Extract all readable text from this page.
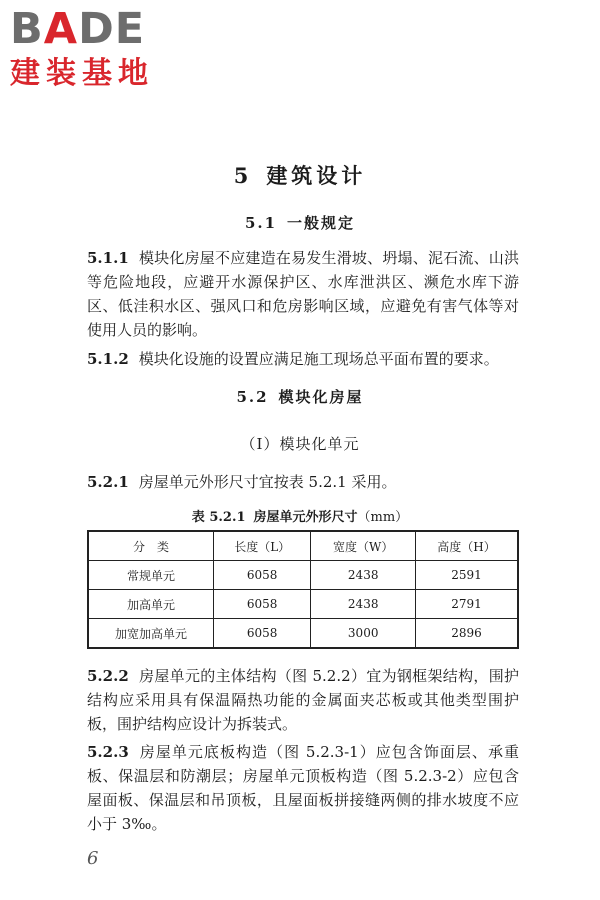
BADE
建装基地
5 建筑设计
5.1 一般规定
5.1.1 模块化房屋不应建造在易发生滑坡、坍塌、泥石流、山洪等危险地段，应避开水源保护区、水库泄洪区、濒危水库下游区、低洼积水区、强风口和危房影响区域，应避免有害气体等对使用人员的影响。
5.1.2 模块化设施的设置应满足施工现场总平面布置的要求。
5.2 模块化房屋
（Ⅰ）模块化单元
5.2.1 房屋单元外形尺寸宜按表 5.2.1 采用。
表 5.2.1 房屋单元外形尺寸（mm）
分　类	长度（L）	宽度（W）	高度（H）
常规单元	6058	2438	2591
加高单元	6058	2438	2791
加宽加高单元	6058	3000	2896
5.2.2 房屋单元的主体结构（图 5.2.2）宜为钢框架结构，围护结构应采用具有保温隔热功能的金属面夹芯板或其他类型围护板，围护结构应设计为拆装式。
5.2.3 房屋单元底板构造（图 5.2.3-1）应包含饰面层、承重板、保温层和防潮层；房屋单元顶板构造（图 5.2.3-2）应包含屋面板、保温层和吊顶板，且屋面板拼接缝两侧的排水坡度不应小于 3‰。
6
